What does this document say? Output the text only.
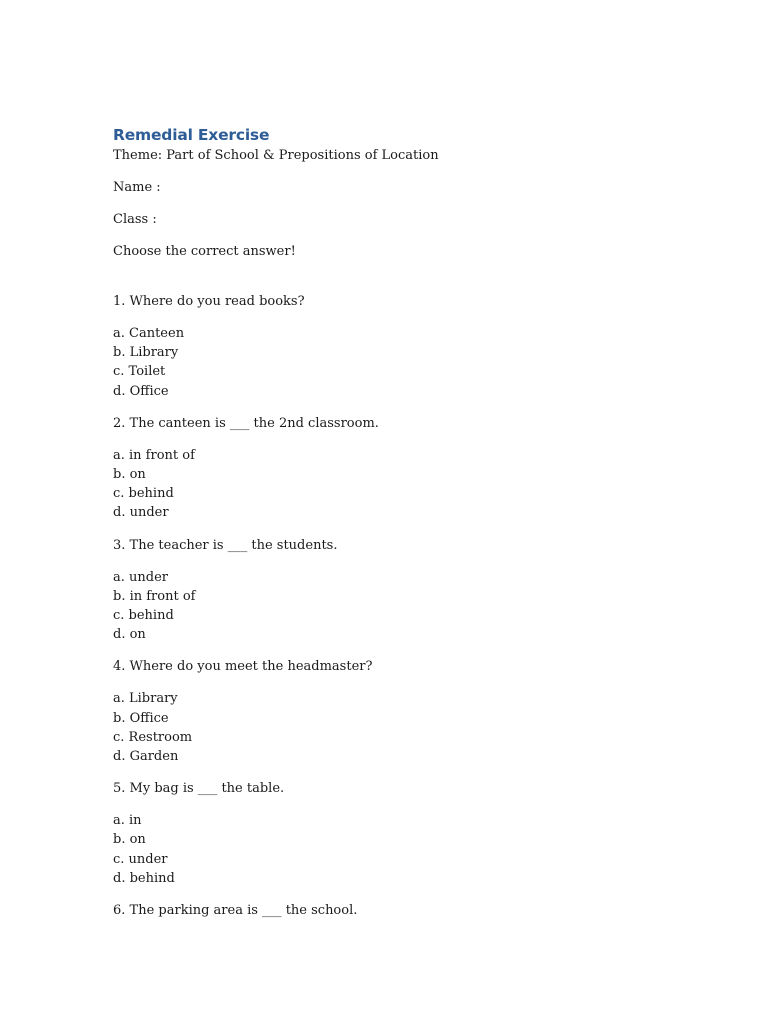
Remedial Exercise

Theme: Part of School & Prepositions of Location

Name :

Class :

Choose the correct answer!

1. Where do you read books?

a. Canteen

b. Library

c. Toilet

d. Office

2. The canteen is ___ the 2nd classroom.

a. in front of

b. on

c. behind

d. under

3. The teacher is ___ the students.

a. under

b. in front of

c. behind

d. on

4. Where do you meet the headmaster?

a. Library

b. Office

c. Restroom

d. Garden

5. My bag is ___ the table.

a. in

b. on

c. under

d. behind

6. The parking area is ___ the school.
